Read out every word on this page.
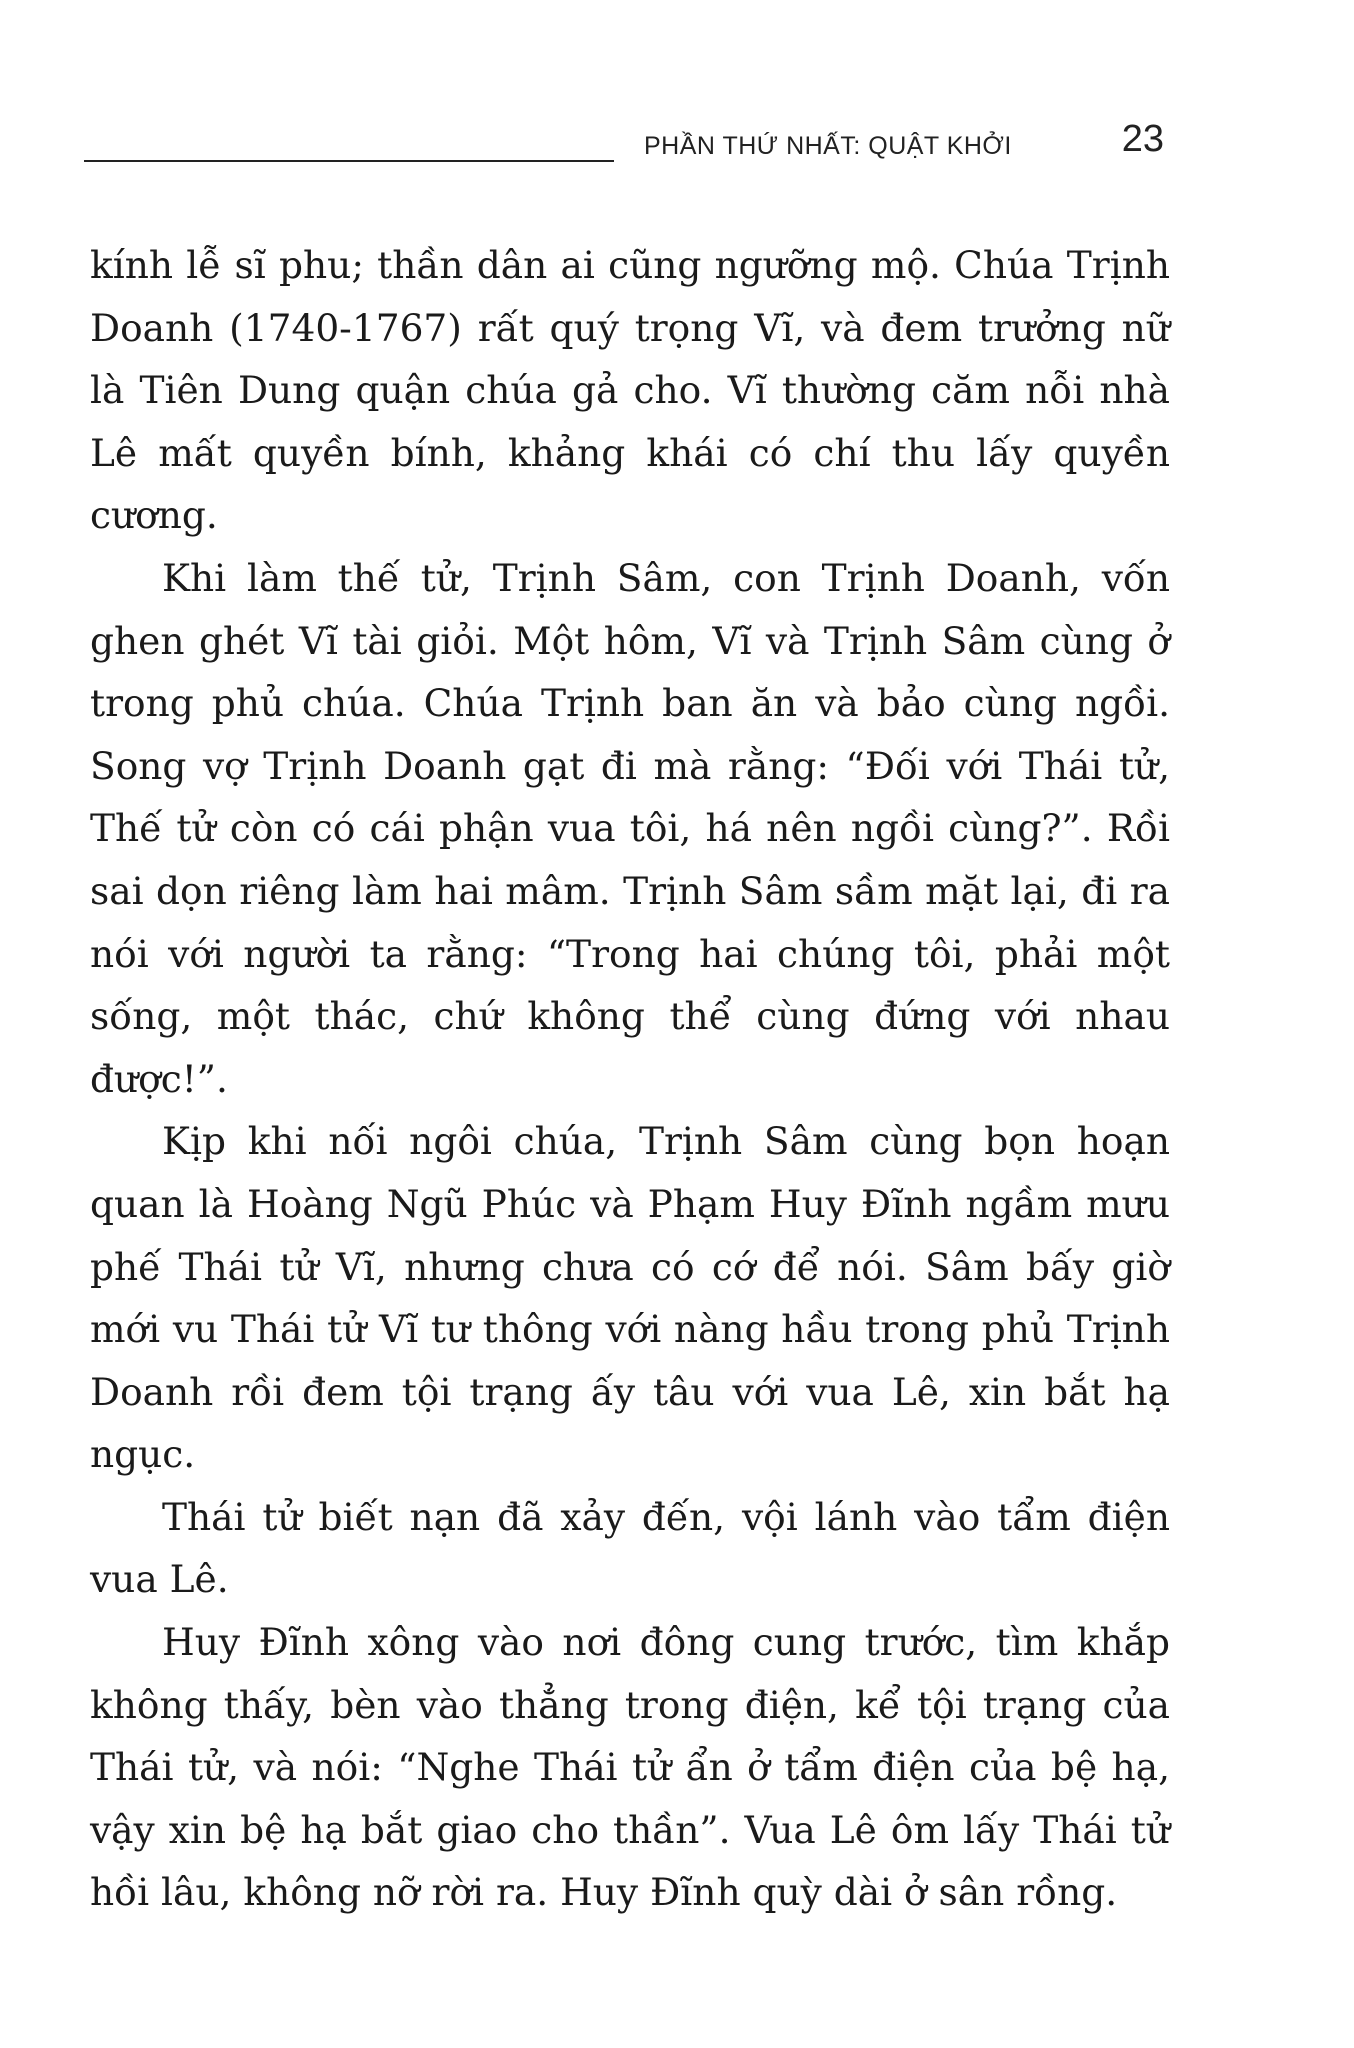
PHẦN THỨ NHẤT: QUẬT KHỞI	23

kính lễ sĩ phu; thần dân ai cũng ngưỡng mộ. Chúa Trịnh Doanh (1740-1767) rất quý trọng Vĩ, và đem trưởng nữ là Tiên Dung quận chúa gả cho. Vĩ thường căm nỗi nhà Lê mất quyền bính, khảng khái có chí thu lấy quyền cương.

Khi làm thế tử, Trịnh Sâm, con Trịnh Doanh, vốn ghen ghét Vĩ tài giỏi. Một hôm, Vĩ và Trịnh Sâm cùng ở trong phủ chúa. Chúa Trịnh ban ăn và bảo cùng ngồi. Song vợ Trịnh Doanh gạt đi mà rằng: “Đối với Thái tử, Thế tử còn có cái phận vua tôi, há nên ngồi cùng?”. Rồi sai dọn riêng làm hai mâm. Trịnh Sâm sầm mặt lại, đi ra nói với người ta rằng: “Trong hai chúng tôi, phải một sống, một thác, chứ không thể cùng đứng với nhau được!”.

Kịp khi nối ngôi chúa, Trịnh Sâm cùng bọn hoạn quan là Hoàng Ngũ Phúc và Phạm Huy Đĩnh ngầm mưu phế Thái tử Vĩ, nhưng chưa có cớ để nói. Sâm bấy giờ mới vu Thái tử Vĩ tư thông với nàng hầu trong phủ Trịnh Doanh rồi đem tội trạng ấy tâu với vua Lê, xin bắt hạ ngục.

Thái tử biết nạn đã xảy đến, vội lánh vào tẩm điện vua Lê.

Huy Đĩnh xông vào nơi đông cung trước, tìm khắp không thấy, bèn vào thẳng trong điện, kể tội trạng của Thái tử, và nói: “Nghe Thái tử ẩn ở tẩm điện của bệ hạ, vậy xin bệ hạ bắt giao cho thần”. Vua Lê ôm lấy Thái tử hồi lâu, không nỡ rời ra. Huy Đĩnh quỳ dài ở sân rồng.
